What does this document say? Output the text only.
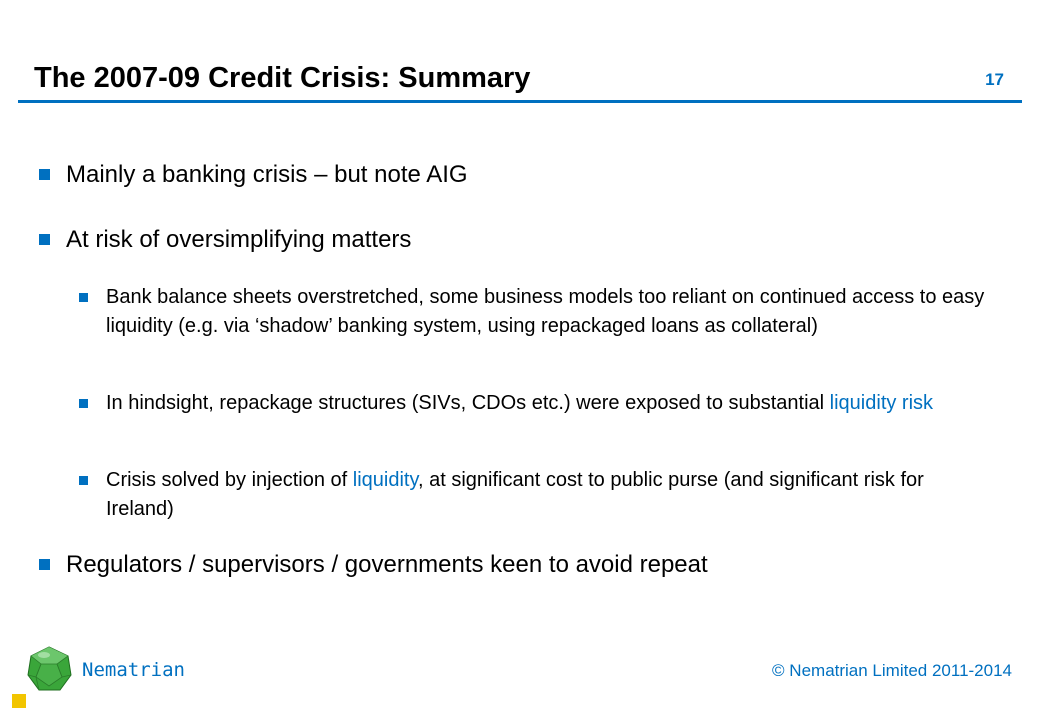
The 2007-09 Credit Crisis: Summary	17
Mainly a banking crisis – but note AIG
At risk of oversimplifying matters
Bank balance sheets overstretched, some business models too reliant on continued access to easy liquidity (e.g. via ‘shadow’ banking system, using repackaged loans as collateral)
In hindsight, repackage structures (SIVs, CDOs etc.) were exposed to substantial liquidity risk
Crisis solved by injection of liquidity, at significant cost to public purse (and significant risk for Ireland)
Regulators / supervisors / governments keen to avoid repeat
Nematrian	© Nematrian Limited 2011-2014
